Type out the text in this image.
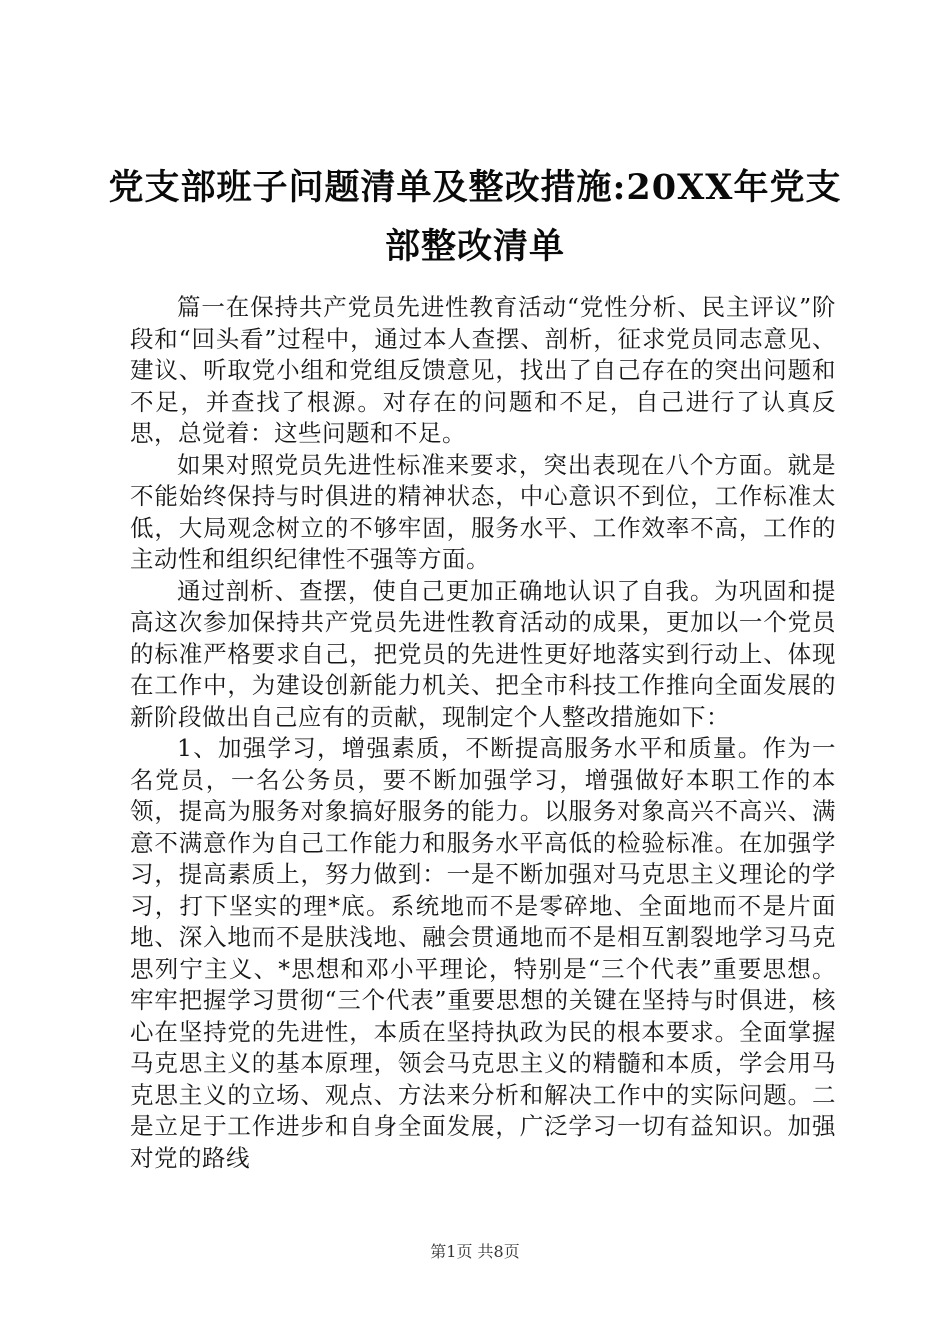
党支部班子问题清单及整改措施:20XX年党支部整改清单

篇一在保持共产党员先进性教育活动“党性分析、民主评议”阶段和“回头看”过程中，通过本人查摆、剖析，征求党员同志意见、建议、听取党小组和党组反馈意见，找出了自己存在的突出问题和不足，并查找了根源。对存在的问题和不足，自己进行了认真反思，总觉着：这些问题和不足。

如果对照党员先进性标准来要求，突出表现在八个方面。就是不能始终保持与时俱进的精神状态，中心意识不到位，工作标准太低，大局观念树立的不够牢固，服务水平、工作效率不高，工作的主动性和组织纪律性不强等方面。

通过剖析、查摆，使自己更加正确地认识了自我。为巩固和提高这次参加保持共产党员先进性教育活动的成果，更加以一个党员的标准严格要求自己，把党员的先进性更好地落实到行动上、体现在工作中，为建设创新能力机关、把全市科技工作推向全面发展的新阶段做出自己应有的贡献，现制定个人整改措施如下：

1、加强学习，增强素质，不断提高服务水平和质量。作为一名党员，一名公务员，要不断加强学习，增强做好本职工作的本领，提高为服务对象搞好服务的能力。以服务对象高兴不高兴、满意不满意作为自己工作能力和服务水平高低的检验标准。在加强学习，提高素质上，努力做到：一是不断加强对马克思主义理论的学习，打下坚实的理*底。系统地而不是零碎地、全面地而不是片面地、深入地而不是肤浅地、融会贯通地而不是相互割裂地学习马克思列宁主义、*思想和邓小平理论，特别是“三个代表”重要思想。牢牢把握学习贯彻“三个代表”重要思想的关键在坚持与时俱进，核心在坚持党的先进性，本质在坚持执政为民的根本要求。全面掌握马克思主义的基本原理，领会马克思主义的精髓和本质，学会用马克思主义的立场、观点、方法来分析和解决工作中的实际问题。二是立足于工作进步和自身全面发展，广泛学习一切有益知识。加强对党的路线

第1页 共8页
